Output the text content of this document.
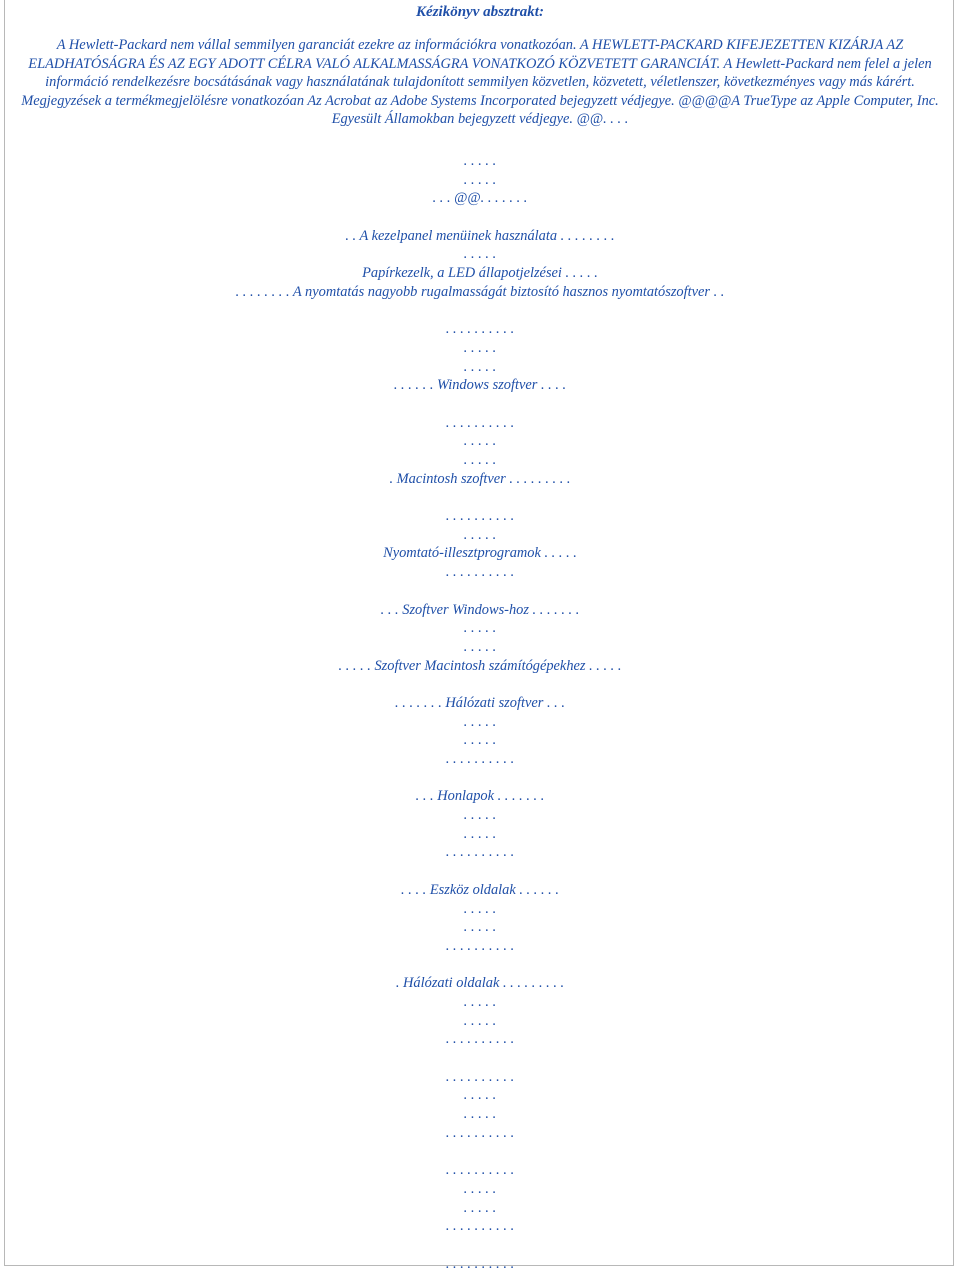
Kézikönyv absztrakt:
A Hewlett-Packard nem vállal semmilyen garanciát ezekre az információkra vonatkozóan. A HEWLETT-PACKARD KIFEJEZETTEN KIZÁRJA AZ ELADHATÓSÁGRA ÉS AZ EGY ADOTT CÉLRA VALÓ ALKALMASSÁGRA VONATKOZÓ KÖZVETETT GARANCIÁT. A Hewlett-Packard nem felel a jelen információ rendelkezésre bocsátásának vagy használatának tulajdonított semmilyen közvetlen, közvetett, véletlenszer, következményes vagy más kárért. Megjegyzések a termékmegjelölésre vonatkozóan Az Acrobat az Adobe Systems Incorporated bejegyzett védjegye. @@@@A TrueType az Apple Computer, Inc. Egyesült Államokban bejegyzett védjegye. @@. . . .
. . . . .
. . . . .
. . . @@. . . . . . .
. . A kezelpanel menüinek használata . . . . . . . .
. . . . .
Papírkezelk, a LED állapotjelzései . . . . .
. . . . . . . . A nyomtatás nagyobb rugalmasságát biztosító hasznos nyomtatószoftver . .
. . . . . . . . . .
. . . . .
. . . . .
. . . . . . Windows szoftver . . . .
. . . . . . . . . .
. . . . .
. . . . .
. Macintosh szoftver . . . . . . . . .
. . . . . . . . . .
. . . . .
Nyomtató-illesztprogramok . . . . .
. . . . . . . . . .
. . . Szoftver Windows-hoz . . . . . . .
. . . . .
. . . . .
. . . . . Szoftver Macintosh számítógépekhez . . . . .
. . . . . . . Hálózati szoftver . . .
. . . . .
. . . . .
. . . . . . . . . .
. . . Honlapok . . . . . . .
. . . . .
. . . . .
. . . . . . . . . .
. . . . Eszköz oldalak . . . . . .
. . . . .
. . . . .
. . . . . . . . . .
. Hálózati oldalak . . . . . . . . .
. . . . .
. . . . .
. . . . . . . . . .
. . . . . . . . . .
. . . . .
. . . . .
. . . . . . . . . .
. . . . . . . . . .
. . . . .
. . . . .
. . . . . . . . . .
. . . . . . . . . .
